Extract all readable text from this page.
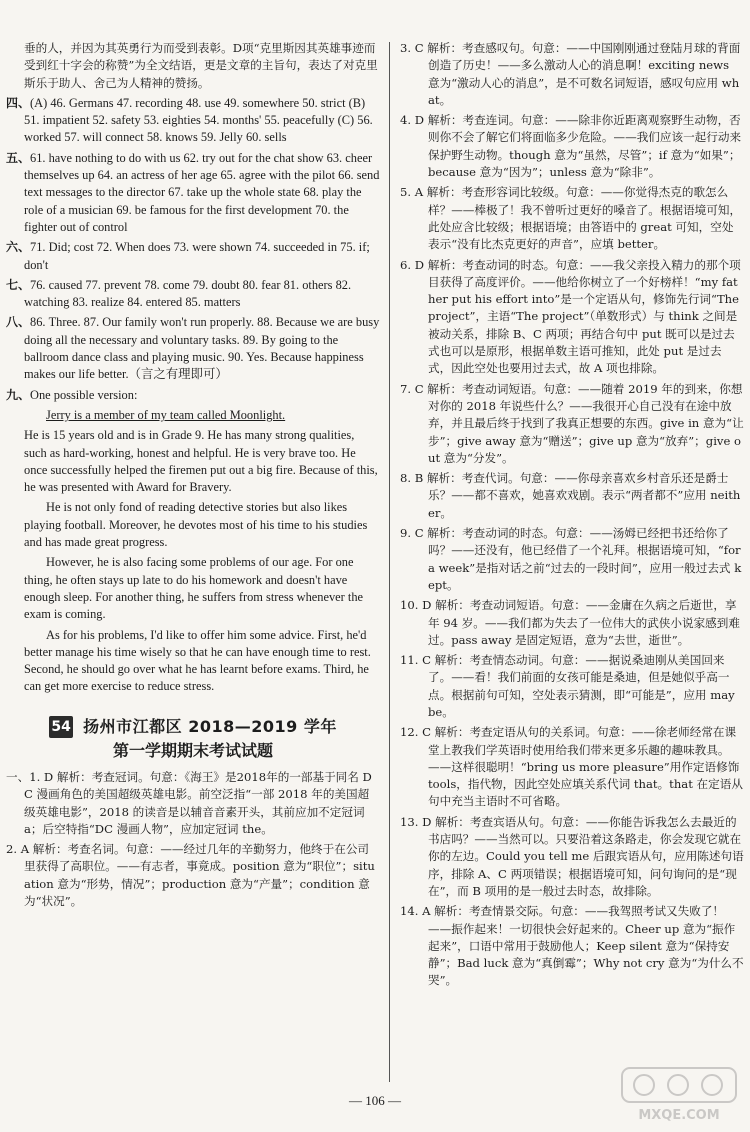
垂的人，并因为其英勇行为而受到表彰。D项“克里斯因其英雄事迹而受到红十字会的称赞”为全文结语，更是文章的主旨句，表达了对克里斯乐于助人、舍己为人精神的赞扬。

四、(A) 46. Germans 47. recording 48. use 49. somewhere 50. strict (B) 51. impatient 52. safety 53. eighties 54. months' 55. peacefully (C) 56. worked 57. will connect 58. knows 59. Jelly 60. sells

五、61. have nothing to do with us 62. try out for the chat show 63. cheer themselves up 64. an actress of her age 65. agree with the pilot 66. send text messages to the director 67. take up the whole state 68. play the role of a musician 69. be famous for the first development 70. the fighter out of control

六、71. Did; cost 72. When does 73. were shown 74. succeeded in 75. if; don't

七、76. caused 77. prevent 78. come 79. doubt 80. fear 81. others 82. watching 83. realize 84. entered 85. matters

八、86. Three. 87. Our family won't run properly. 88. Because we are busy doing all the necessary and voluntary tasks. 89. By going to the ballroom dance class and playing music. 90. Yes. Because happiness makes our life better.（言之有理即可）

九、One possible version:

Jerry is a member of my team called Moonlight.

He is 15 years old and is in Grade 9. He has many strong qualities, such as hard-working, honest and helpful. He is very brave too. He once successfully helped the firemen put out a big fire. Because of this, he was presented with Award for Bravery.

He is not only fond of reading detective stories but also likes playing football. Moreover, he devotes most of his time to his studies and has made great progress.

However, he is also facing some problems of our age. For one thing, he often stays up late to do his homework and doesn't have enough sleep. For another thing, he suffers from stress whenever the exam is coming.

As for his problems, I'd like to offer him some advice. First, he'd better manage his time wisely so that he can have enough time to rest. Second, he should go over what he has learnt before exams. Third, he can get more exercise to reduce stress.

54 扬州市江都区 2018—2019 学年
第一学期期末考试试题

一、1. D 解析：考查冠词。句意：《海王》是2018年的一部基于同名 DC 漫画角色的美国超级英雄电影。前空泛指“一部 2018 年的美国超级英雄电影”，2018 的读音是以辅音音素开头，其前应加不定冠词 a；后空特指“DC 漫画人物”，应加定冠词 the。

2. A 解析：考查名词。句意：——经过几年的辛勤努力，他终于在公司里获得了高职位。——有志者，事竟成。position 意为“职位”；situation 意为“形势，情况”；production 意为“产量”；condition 意为“状况”。

3. C 解析：考查感叹句。句意：——中国刚刚通过登陆月球的背面创造了历史！——多么激动人心的消息啊！exciting news 意为“激动人心的消息”，是不可数名词短语，感叹句应用 what。

4. D 解析：考查连词。句意：——除非你近距离观察野生动物，否则你不会了解它们将面临多少危险。——我们应该一起行动来保护野生动物。though 意为“虽然，尽管”；if 意为“如果”；because 意为“因为”；unless 意为“除非”。

5. A 解析：考查形容词比较级。句意：——你觉得杰克的歌怎么样？——棒极了！我不曾听过更好的嗓音了。根据语境可知，此处应含比较级；根据语境；由答语中的 great 可知，空处表示“没有比杰克更好的声音”，应填 better。

6. D 解析：考查动词的时态。句意：——我父亲投入精力的那个项目获得了高度评价。——他给你树立了一个好榜样！“my father put his effort into”是一个定语从句，修饰先行词“The project”，主语“The project”（单数形式）与 think 之间是被动关系，排除 B、C 两项；再结合句中 put 既可以是过去式也可以是原形，根据单数主语可推知，此处 put 是过去式，因此空处也要用过去式，故 A 项也排除。

7. C 解析：考查动词短语。句意：——随着 2019 年的到来，你想对你的 2018 年说些什么？——我很开心自己没有在途中放弃，并且最后终于找到了我真正想要的东西。give in 意为“让步”；give away 意为“赠送”；give up 意为“放弃”；give out 意为“分发”。

8. B 解析：考查代词。句意：——你母亲喜欢乡村音乐还是爵士乐？——都不喜欢，她喜欢戏剧。表示“两者都不”应用 neither。

9. C 解析：考查动词的时态。句意：——汤姆已经把书还给你了吗？——还没有，他已经借了一个礼拜。根据语境可知，“for a week”是指对话之前“过去的一段时间”，应用一般过去式 kept。

10. D 解析：考查动词短语。句意：——金庸在久病之后逝世，享年 94 岁。——我们都为失去了一位伟大的武侠小说家感到难过。pass away 是固定短语，意为“去世，逝世”。

11. C 解析：考查情态动词。句意：——据说桑迪刚从美国回来了。——看！我们前面的女孩可能是桑迪，但是她似乎高一点。根据前句可知，空处表示猜测，即“可能是”，应用 may be。

12. C 解析：考查定语从句的关系词。句意：——徐老师经常在课堂上教我们学英语时使用给我们带来更多乐趣的趣味教具。——这样很聪明！“bring us more pleasure”用作定语修饰 tools，指代物，因此空处应填关系代词 that。that 在定语从句中充当主语时不可省略。

13. D 解析：考查宾语从句。句意：——你能告诉我怎么去最近的书店吗？——当然可以。只要沿着这条路走，你会发现它就在你的左边。Could you tell me 后跟宾语从句，应用陈述句语序，排除 A、C 两项错误；根据语境可知，问句询问的是“现在”，而 B 项用的是一般过去时态，故排除。

14. A 解析：考查情景交际。句意：——我驾照考试又失败了！——振作起来！一切很快会好起来的。Cheer up 意为“振作起来”，口语中常用于鼓励他人；Keep silent 意为“保持安静”；Bad luck 意为“真倒霉”；Why not cry 意为“为什么不哭”。

— 106 —
MXQE.COM
